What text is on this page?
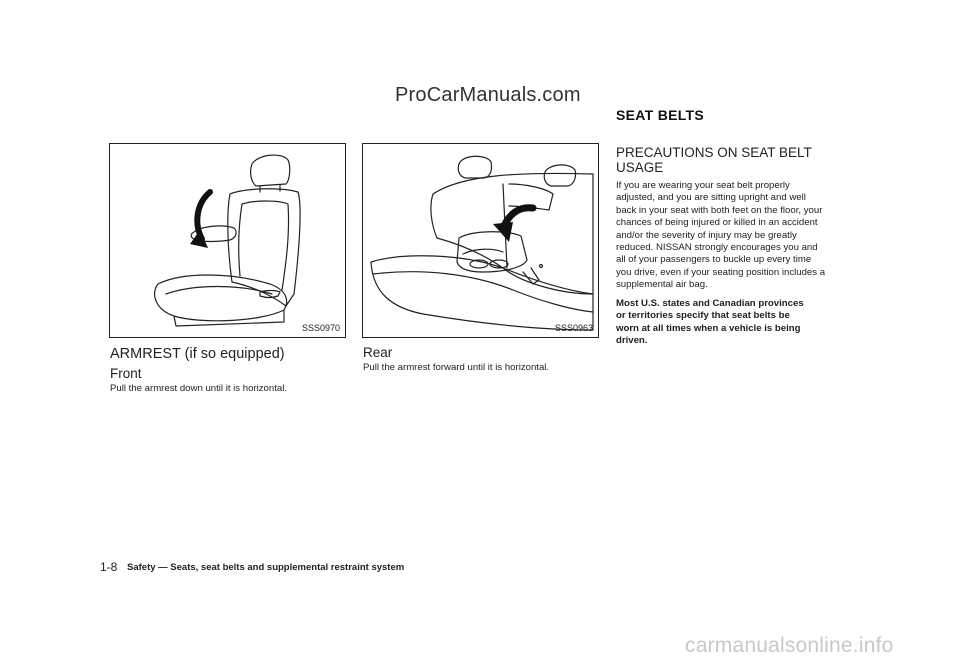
ProCarManuals.com
SSS0970	SSS0963
ARMREST (if so equipped)
Front
Pull the armrest down until it is horizontal.
Rear
Pull the armrest forward until it is horizontal.
SEAT BELTS
PRECAUTIONS ON SEAT BELT
USAGE
If you are wearing your seat belt properly
adjusted, and you are sitting upright and well
back in your seat with both feet on the floor, your
chances of being injured or killed in an accident
and/or the severity of injury may be greatly
reduced. NISSAN strongly encourages you and
all of your passengers to buckle up every time
you drive, even if your seating position includes a
supplemental air bag.
Most U.S. states and Canadian provinces
or territories specify that seat belts be
worn at all times when a vehicle is being
driven.
1-8 Safety — Seats, seat belts and supplemental restraint system
carmanualsonline.info
